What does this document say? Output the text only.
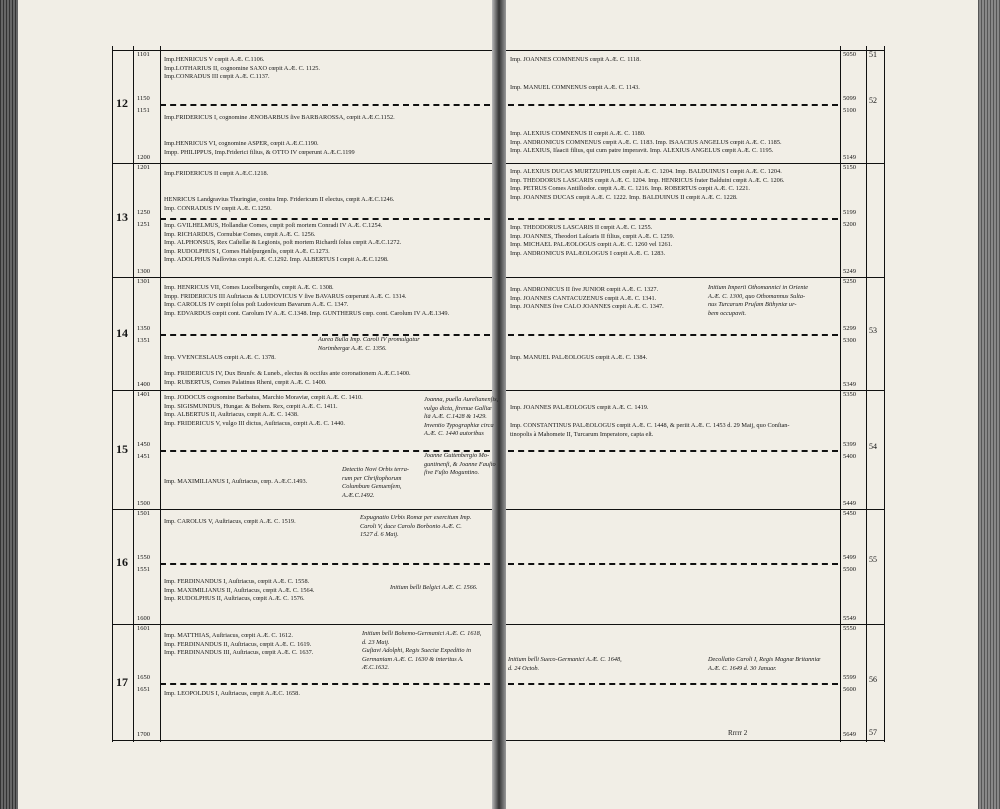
12
1101
1150
1151
1200
5050
5099
5100
5149
52
13
1201
1250
1251
1300
5150
5199
5200
5249
14
1301
1350
1351
1400
5250
5299
5300
5349
53
15
1401
1450
1451
1500
5350
5399
5400
5449
54
16
1501
1550
1551
1600
5450
5499
5500
5549
55
17
1601
1650
1651
1700
5550
5599
5600
5649
56
51
57
Rrrrr 2
Imp.HENRICUS V cœpit A.Æ. C.1106.
Imp.LOTHARIUS II, cognomine SAXO cœpit A.Æ. C. 1125.
Imp.CONRADUS III cœpit A.Æ. C.1137.
Imp.FRIDERICUS I, cognomine ÆNOBARBUS ſive BARBAROSSA, cœpit A.Æ.C.1152.
Imp.HENRICUS VI, cognomine ASPER, cœpit A.Æ.C.1190.
Impp. PHILIPPUS, Imp.Friderici filius, & OTTO IV cœperunt A.Æ.C.1199
Imp.FRIDERICUS II cœpit A.Æ.C.1218.
HENRICUS Landgravius Thuringiæ, contra Imp. Fridericum II electus, cœpit A.Æ.C.1246.
Imp. CONRADUS IV cœpit A.Æ. C.1250.
Imp. GVILHELMUS, Hollandiæ Comes, cœpit poſt mortem Conradi IV A.Æ. C.1254.
Imp. RICHARDUS, Cornubiæ Comes, cœpit A.Æ. C. 1256.
Imp. ALPHONSUS, Rex Caſtellæ & Legionis, poſt mortem Richardi ſolus cœpit A.Æ.C.1272.
Imp. RUDOLPHUS I, Comes Habſpurgenſis, cœpit A.Æ. C.1273.
Imp. ADOLPHUS Naſſovius cœpit A.Æ. C.1292. Imp. ALBERTUS I cœpit A.Æ.C.1298.
Imp. HENRICUS VII, Comes Lucelburgenſis, cœpit A.Æ. C. 1308.
Impp. FRIDERICUS III Auſtriacus & LUDOVICUS V ſive BAVARUS cœperunt A.Æ. C. 1314.
Imp. CAROLUS IV cœpit ſolus poſt Ludovicum Bavarum A.Æ. C. 1347.
Imp. EDVARDUS cœpit cont. Carolum IV A.Æ. C.1348. Imp. GUNTHERUS cœp. cont. Carolum IV A.Æ.1349.
Aurea Bulla Imp. Caroli IV promulgatur
Norimbergæ A.Æ. C. 1356.
Imp. VVENCESLAUS cœpit A.Æ. C. 1378.
Imp. FRIDERICUS IV, Dux Brunſv. & Luneb., electus & occiſus ante coronationem A.Æ.C.1400.
Imp. RUBERTUS, Comes Palatinus Rheni, cœpit A.Æ. C. 1400.
Imp. JODOCUS cognomine Barbatus, Marchio Moraviæ, cœpit A.Æ. C. 1410.
Imp. SIGISMUNDUS, Hungar. & Bohem. Rex, cœpit A.Æ. C. 1411.
Imp. ALBERTUS II, Auſtriacus, cœpit A.Æ. C. 1438.
Imp. FRIDERICUS V, vulgo III dictus, Auſtriacus, cœpit A.Æ. C. 1440.
Joanna, puella Aurelianenſis,
vulgo dicta, ſtrenue Galliæ
liā A.Æ. C.1428 & 1429.
Inventio Typographiæ circa
A.Æ. C. 1440 autoribus
Joanne Guttenbergio Mo-
guntinenſi, & Joanne Fauſto
ſive Fuſto Moguntino.
Imp. MAXIMILIANUS I, Auſtriacus, cœp. A.Æ.C.1493.
Detectio Novi Orbis terra-
rum per Chriſtophorum
Columbum Genuenſem,
A.Æ.C.1492.
Imp. CAROLUS V, Auſtriacus, cœpit A.Æ. C. 1519.
Expugnatio Urbis Romæ per exercitum Imp.
Caroli V, duce Carolo Borbonio A.Æ. C.
1527 d. 6 Maij.
Imp. FERDINANDUS I, Auſtriacus, cœpit A.Æ. C. 1558.
Imp. MAXIMILIANUS II, Auſtriacus, cœpit A.Æ. C. 1564.
Imp. RUDOLPHUS II, Auſtriacus, cœpit A.Æ. C. 1576.
Initium belli Belgici A.Æ. C. 1566.
Imp. MATTHIAS, Auſtriacus, cœpit A.Æ. C. 1612.
Imp. FERDINANDUS II, Auſtriacus, cœpit A.Æ. C. 1619.
Imp. FERDINANDUS III, Auſtriacus, cœpit A.Æ. C. 1637.
Initium belli Bohemo-Germanici A.Æ. C. 1618,
d. 23 Maij.
Guſtavi Adolphi, Regis Sueciæ Expeditio in
Germaniam A.Æ. C. 1630 & interitus A.
Æ.C.1632.
Imp. LEOPOLDUS I, Auſtriacus, cœpit A.Æ.C. 1658.
Imp. JOANNES COMNENUS cœpit A.Æ. C. 1118.
Imp. MANUEL COMNENUS cœpit A.Æ. C. 1143.
Imp. ALEXIUS COMNENUS II cœpit A.Æ. C. 1180.
Imp. ANDRONICUS COMNENUS cœpit A.Æ. C. 1183. Imp. ISAACIUS ANGELUS cœpit A.Æ. C. 1185.
Imp. ALEXIUS, Iſaacii filius, qui cum patre imperavit. Imp. ALEXIUS ANGELUS cœpit A.Æ. C. 1195.
Imp. ALEXIUS DUCAS MURTZUPHLUS cœpit A.Æ. C. 1204. Imp. BALDUINUS I cœpit A.Æ. C. 1204.
Imp. THEODORUS LASCARIS cœpit A.Æ. C. 1204. Imp. HENRICUS frater Balduini cœpit A.Æ. C. 1206.
Imp. PETRUS Comes Antiſſiodor. cœpit A.Æ. C. 1216. Imp. ROBERTUS cœpit A.Æ. C. 1221.
Imp. JOANNES DUCAS cœpit A.Æ. C. 1222. Imp. BALDUINUS II cœpit A.Æ. C. 1228.
Imp. THEODORUS LASCARIS II cœpit A.Æ. C. 1255.
Imp. JOANNES, Theodori Laſcaris II filius, cœpit A.Æ. C. 1259.
Imp. MICHAEL PALÆOLOGUS cœpit A.Æ. C. 1260 vel 1261.
Imp. ANDRONICUS PALÆOLOGUS I cœpit A.Æ. C. 1283.
Imp. ANDRONICUS II ſive JUNIOR cœpit A.Æ. C. 1327.
Imp. JOANNES CANTACUZENUS cœpit A.Æ. C. 1341.
Imp. JOANNES ſive CALO JOANNES cœpit A.Æ. C. 1347.
Initium Imperii Othomannici in Oriente
A.Æ. C. 1300, quo Othomannus Sulta-
nus Turcarum Pruſam Bithyniæ ur-
bem occupavit.
Imp. MANUEL PALÆOLOGUS cœpit A.Æ. C. 1384.
Imp. JOANNES PALÆOLOGUS cœpit A.Æ. C. 1419.
Imp. CONSTANTINUS PALÆOLOGUS cœpit A.Æ. C. 1448, & periit A.Æ. C. 1453 d. 29 Maij, quo Conſtan-
tinopolis à Mahomete II, Turcarum Imperatore, capta eſt.
Initium belli Sueco-Germanici A.Æ. C. 1648,
d. 24 Octob.
Decollatio Caroli I, Regis Magnæ Britanniæ
A.Æ. C. 1649 d. 30 Januar.
